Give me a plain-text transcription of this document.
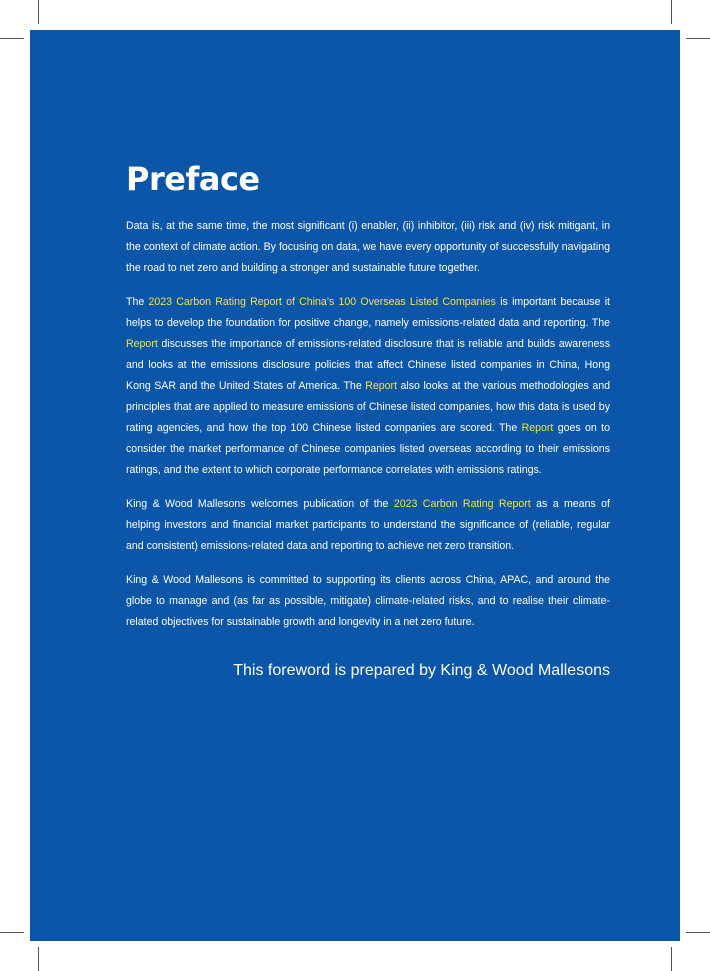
Preface

Data is, at the same time, the most significant (i) enabler, (ii) inhibitor, (iii) risk and (iv) risk mitigant, in the context of climate action. By focusing on data, we have every opportunity of successfully navigating the road to net zero and building a stronger and sustainable future together.

The 2023 Carbon Rating Report of China’s 100 Overseas Listed Companies is important because it helps to develop the foundation for positive change, namely emissions-related data and reporting. The Report discusses the importance of emissions-related disclosure that is reliable and builds awareness and looks at the emissions disclosure policies that affect Chinese listed companies in China, Hong Kong SAR and the United States of America. The Report also looks at the various methodologies and principles that are applied to measure emissions of Chinese listed companies, how this data is used by rating agencies, and how the top 100 Chinese listed companies are scored. The Report goes on to consider the market performance of Chinese companies listed overseas according to their emissions ratings, and the extent to which corporate performance correlates with emissions ratings.

King & Wood Mallesons welcomes publication of the 2023 Carbon Rating Report as a means of helping investors and financial market participants to understand the significance of (reliable, regular and consistent) emissions-related data and reporting to achieve net zero transition.

King & Wood Mallesons is committed to supporting its clients across China, APAC, and around the globe to manage and (as far as possible, mitigate) climate-related risks, and to realise their climate-related objectives for sustainable growth and longevity in a net zero future.

This foreword is prepared by King & Wood Mallesons
